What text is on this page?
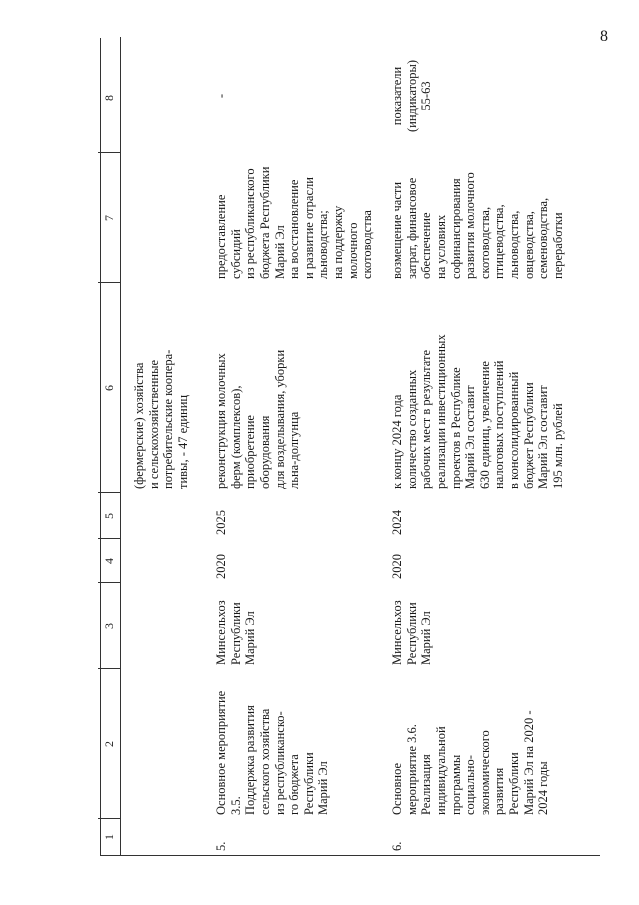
8
1
2
3
4
5
6
7
8
(фермерские) хозяйства
и сельскохозяйственные
потребительские коопера-
тивы, - 47 единиц
5.
Основное мероприятие 3.5.
Поддержка развития
сельского хозяйства
из республиканско-
го бюджета
Республики
Марий Эл
Минсельхоз
Республики
Марий Эл
2020
2025
реконструкция молочных
ферм (комплексов),
приобретение
оборудования
для возделывания, уборки
льна-долгунца
предоставление
субсидий
из республиканского
бюджета Республики
Марий Эл
на восстановление
и развитие отрасли
льноводства;
на поддержку
молочного
скотоводства
-
6.
Основное
мероприятие 3.6.
Реализация
индивидуальной
программы
социально-
экономического
развития
Республики
Марий Эл на 2020 -
2024 годы
Минсельхоз
Республики
Марий Эл
2020
2024
к концу 2024 года
количество созданных
рабочих мест в результате
реализации инвестиционных
проектов в Республике
Марий Эл составит
630 единиц, увеличение
налоговых поступлений
в консолидированный
бюджет Республики
Марий Эл составит
195 млн. рублей
возмещение части
затрат, финансовое
обеспечение
на условиях
софинансирования
развития молочного
скотоводства,
птицеводства,
льноводства,
овцеводства,
семеноводства,
переработки
показатели
(индикаторы)
55-63
